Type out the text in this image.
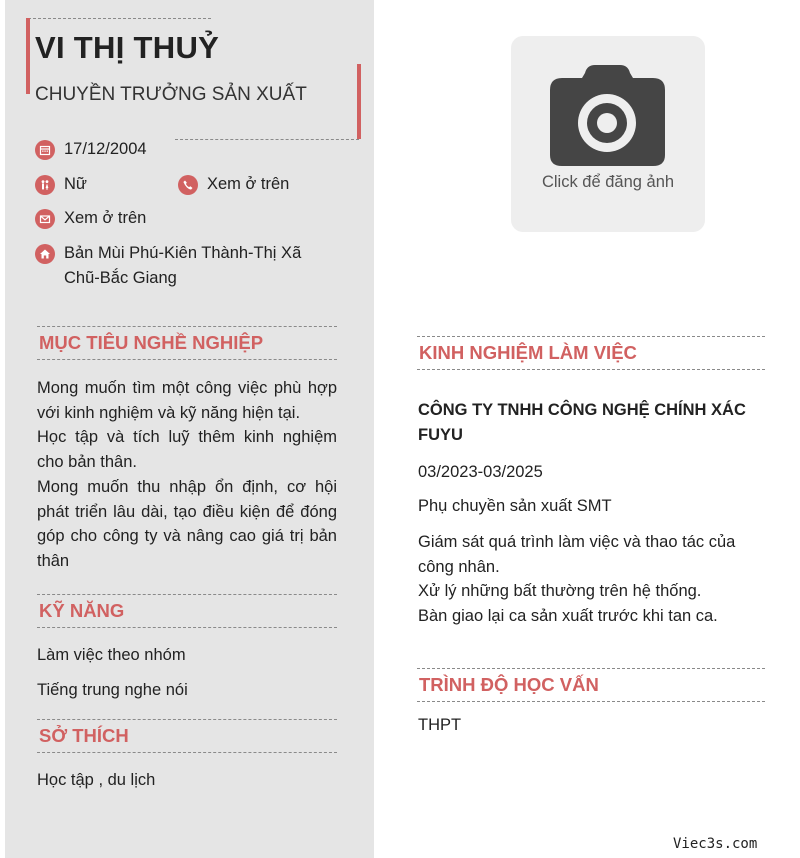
VI THỊ THUỶ
CHUYỀN TRƯỞNG SẢN XUẤT
17/12/2004
Nữ	Xem ở trên
Xem ở trên
Bản Mùi Phú-Kiên Thành-Thị Xã Chũ-Bắc Giang
MỤC TIÊU NGHỀ NGHIỆP
Mong muốn tìm một công việc phù hợp với kinh nghiệm và kỹ năng hiện tại.
Học tập và tích luỹ thêm kinh nghiệm cho bản thân.
Mong muốn thu nhập ổn định, cơ hội phát triển lâu dài, tạo điều kiện để đóng góp cho công ty và nâng cao giá trị bản thân
KỸ NĂNG
Làm việc theo nhóm
Tiếng trung nghe nói
SỞ THÍCH
Học tập , du lịch
Click để đăng ảnh
KINH NGHIỆM LÀM VIỆC
CÔNG TY TNHH CÔNG NGHỆ CHÍNH XÁC FUYU
03/2023-03/2025
Phụ chuyền sản xuất SMT
Giám sát quá trình làm việc và thao tác của công nhân.
Xử lý những bất thường trên hệ thống.
Bàn giao lại ca sản xuất trước khi tan ca.
TRÌNH ĐỘ HỌC VẤN
THPT
Viec3s.com
